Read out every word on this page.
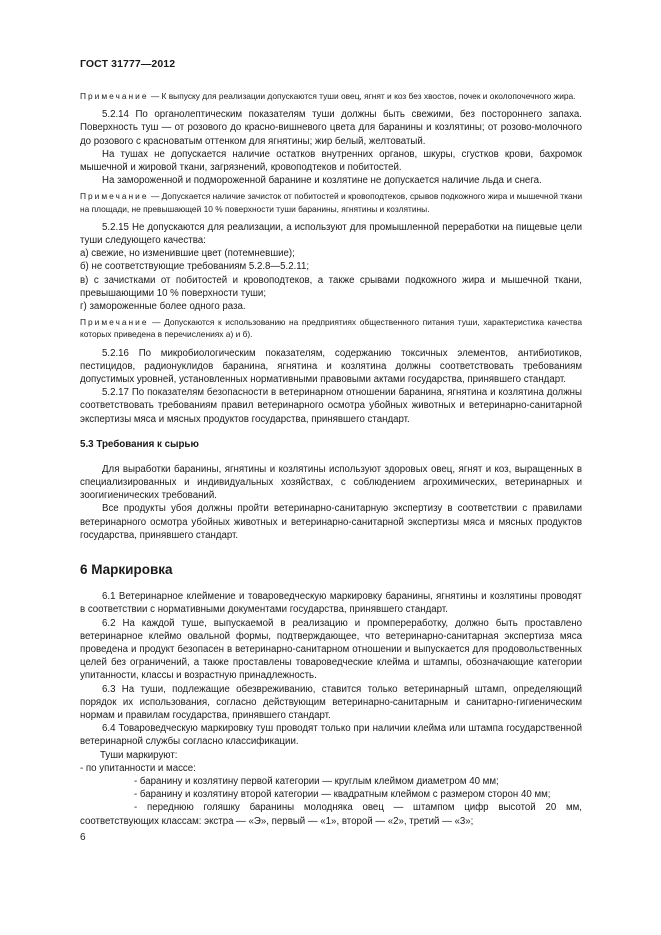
ГОСТ 31777—2012

Примечание — К выпуску для реализации допускаются туши овец, ягнят и коз без хвостов, почек и околопочечного жира.

5.2.14 По органолептическим показателям туши должны быть свежими, без постороннего запаха. Поверхность туш — от розового до красно-вишневого цвета для баранины и козлятины; от розово-молочного до розового с красноватым оттенком для ягнятины; жир белый, желтоватый.

На тушах не допускается наличие остатков внутренних органов, шкуры, сгустков крови, бахромок мышечной и жировой ткани, загрязнений, кровоподтеков и побитостей.

На замороженной и подмороженной баранине и козлятине не допускается наличие льда и снега.

Примечание — Допускается наличие зачисток от побитостей и кровоподтеков, срывов подкожного жира и мышечной ткани на площади, не превышающей 10 % поверхности туши баранины, ягнятины и козлятины.

5.2.15 Не допускаются для реализации, а используют для промышленной переработки на пищевые цели туши следующего качества:

а) свежие, но изменившие цвет (потемневшие);

б) не соответствующие требованиям 5.2.8—5.2.11;

в) с зачистками от побитостей и кровоподтеков, а также срывами подкожного жира и мышечной ткани, превышающими 10 % поверхности туши;

г) замороженные более одного раза.

Примечание — Допускаются к использованию на предприятиях общественного питания туши, характеристика качества которых приведена в перечислениях а) и б).

5.2.16 По микробиологическим показателям, содержанию токсичных элементов, антибиотиков, пестицидов, радионуклидов баранина, ягнятина и козлятина должны соответствовать требованиям допустимых уровней, установленных нормативными правовыми актами государства, принявшего стандарт.

5.2.17 По показателям безопасности в ветеринарном отношении баранина, ягнятина и козлятина должны соответствовать требованиям правил ветеринарного осмотра убойных животных и ветеринарно-санитарной экспертизы мяса и мясных продуктов государства, принявшего стандарт.

5.3 Требования к сырью

Для выработки баранины, ягнятины и козлятины используют здоровых овец, ягнят и коз, выращенных в специализированных и индивидуальных хозяйствах, с соблюдением агрохимических, ветеринарных и зоогигиенических требований.

Все продукты убоя должны пройти ветеринарно-санитарную экспертизу в соответствии с правилами ветеринарного осмотра убойных животных и ветеринарно-санитарной экспертизы мяса и мясных продуктов государства, принявшего стандарт.

6 Маркировка

6.1 Ветеринарное клеймение и товароведческую маркировку баранины, ягнятины и козлятины проводят в соответствии с нормативными документами государства, принявшего стандарт.

6.2 На каждой туше, выпускаемой в реализацию и промпереработку, должно быть проставлено ветеринарное клеймо овальной формы, подтверждающее, что ветеринарно-санитарная экспертиза мяса проведена и продукт безопасен в ветеринарно-санитарном отношении и выпускается для продовольственных целей без ограничений, а также проставлены товароведческие клейма и штампы, обозначающие категории упитанности, классы и возрастную принадлежность.

6.3 На туши, подлежащие обезвреживанию, ставится только ветеринарный штамп, определяющий порядок их использования, согласно действующим ветеринарно-санитарным и санитарно-гигиеническим нормам и правилам государства, принявшего стандарт.

6.4 Товароведческую маркировку туш проводят только при наличии клейма или штампа государственной ветеринарной службы согласно классификации.

Туши маркируют:

- по упитанности и массе:

- баранину и козлятину первой категории — круглым клеймом диаметром 40 мм;

- баранину и козлятину второй категории — квадратным клеймом с размером сторон 40 мм;

- переднюю голяшку баранины молодняка овец — штампом цифр высотой 20 мм, соответствующих классам: экстра — «Э», первый — «1», второй — «2», третий — «3»;

6
